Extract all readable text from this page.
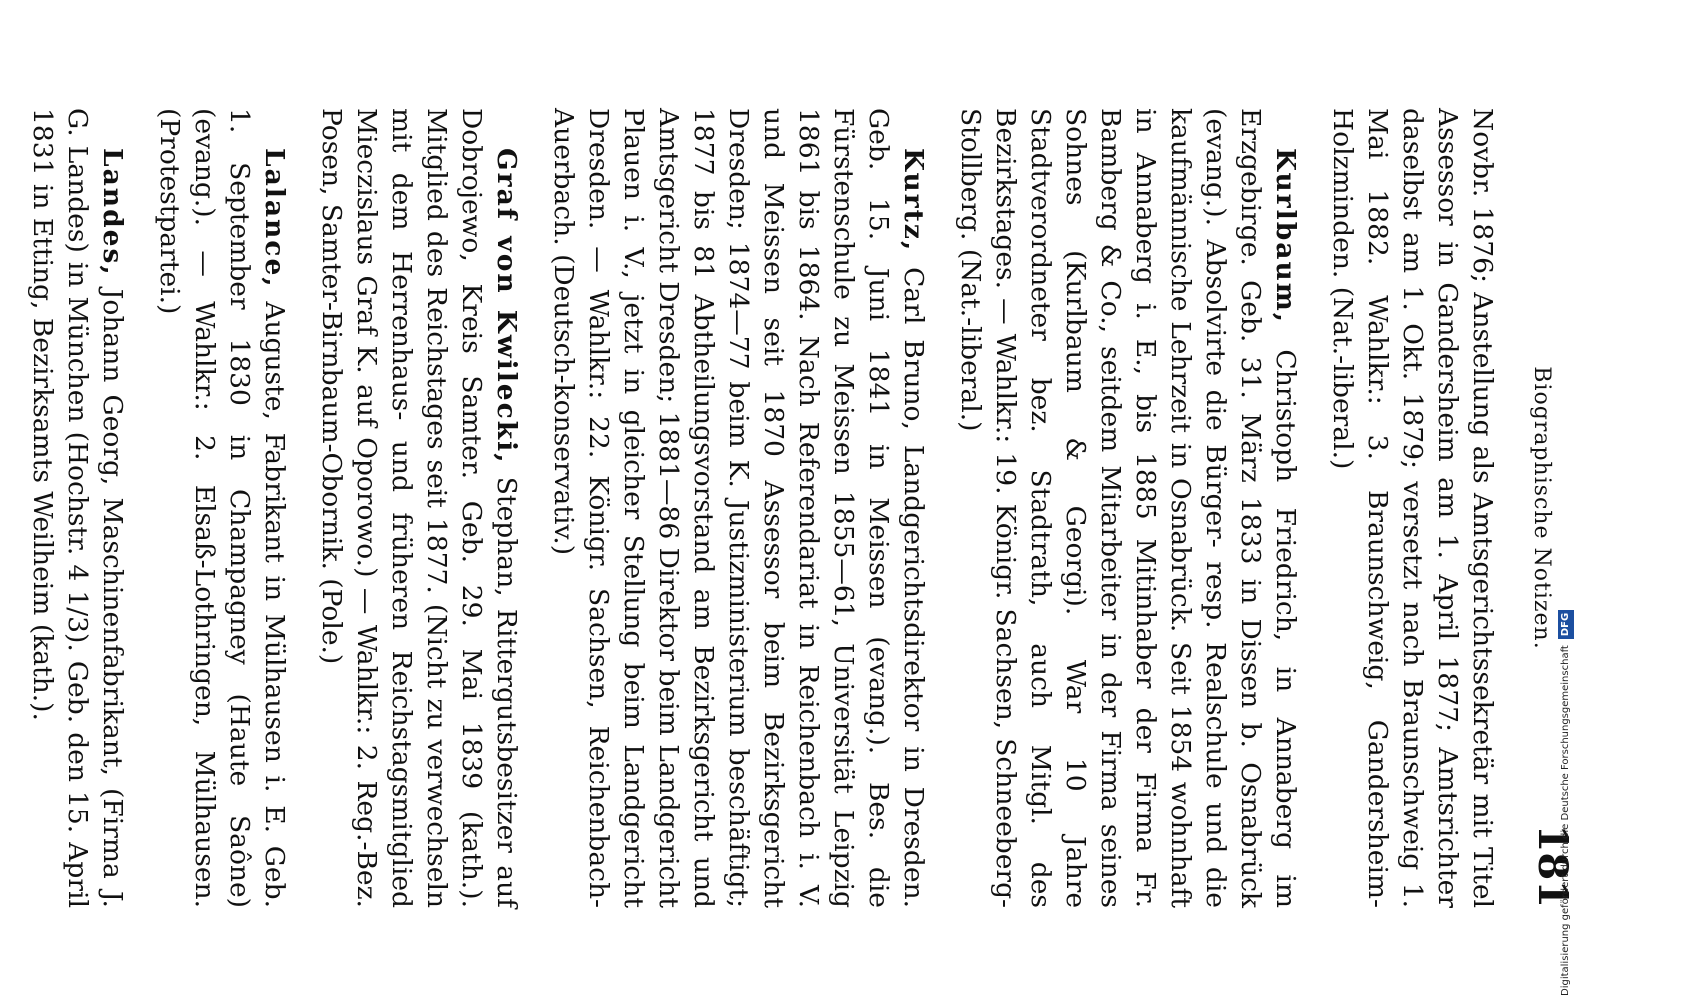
Biographische Notizen.
181

Novbr. 1876; Anstellung als Amtsgerichtssekretär mit Titel Assessor in Gandersheim am 1. April 1877; Amtsrichter daselbst am 1. Okt. 1879; versetzt nach Braunschweig 1. Mai 1882. Wahlkr.: 3. Braunschweig, Gandersheim-Holzminden. (Nat.-liberal.)

Kurlbaum, Christoph Friedrich, in Annaberg im Erzgebirge. Geb. 31. März 1833 in Dissen b. Osnabrück (evang.). Absolvirte die Bürger- resp. Realschule und die kaufmännische Lehrzeit in Osnabrück. Seit 1854 wohnhaft in Annaberg i. E., bis 1885 Mitinhaber der Firma Fr. Bamberg & Co., seitdem Mitarbeiter in der Firma seines Sohnes (Kurlbaum & Georgi). War 10 Jahre Stadtverordneter bez. Stadtrath, auch Mitgl. des Bezirkstages. — Wahlkr.: 19. Königr. Sachsen, Schneeberg-Stollberg. (Nat.-liberal.)

Kurtz, Carl Bruno, Landgerichtsdirektor in Dresden. Geb. 15. Juni 1841 in Meissen (evang.). Bes. die Fürstenschule zu Meissen 1855—61, Universität Leipzig 1861 bis 1864. Nach Referendariat in Reichenbach i. V. und Meissen seit 1870 Assessor beim Bezirksgericht Dresden; 1874—77 beim K. Justizministerium beschäftigt; 1877 bis 81 Abtheilungsvorstand am Bezirksgericht und Amtsgericht Dresden; 1881—86 Direktor beim Landgericht Plauen i. V., jetzt in gleicher Stellung beim Landgericht Dresden. — Wahlkr.: 22. Königr. Sachsen, Reichenbach-Auerbach. (Deutsch-konservativ.)

Graf von Kwilecki, Stephan, Rittergutsbesitzer auf Dobrojewo, Kreis Samter. Geb. 29. Mai 1839 (kath.). Mitglied des Reichstages seit 1877. (Nicht zu verwechseln mit dem Herrenhaus- und früheren Reichstagsmitglied Mieczislaus Graf K. auf Oporowo.) — Wahlkr.: 2. Reg.-Bez. Posen, Samter-Birnbaum-Obornik. (Pole.)

Lalance, Auguste, Fabrikant in Mülhausen i. E. Geb. 1. September 1830 in Champagney (Haute Saône) (evang.). — Wahlkr.: 2. Elsaß-Lothringen, Mülhausen. (Protestpartei.)

Landes, Johann Georg, Maschinenfabrikant, (Firma J. G. Landes) in München (Hochstr. 4 1/3). Geb. den 15. April 1831 in Etting, Bezirksamts Weilheim (kath.).

Digitalisierung gefördert durch die Deutsche ForschungsgemeinschaftDFG
